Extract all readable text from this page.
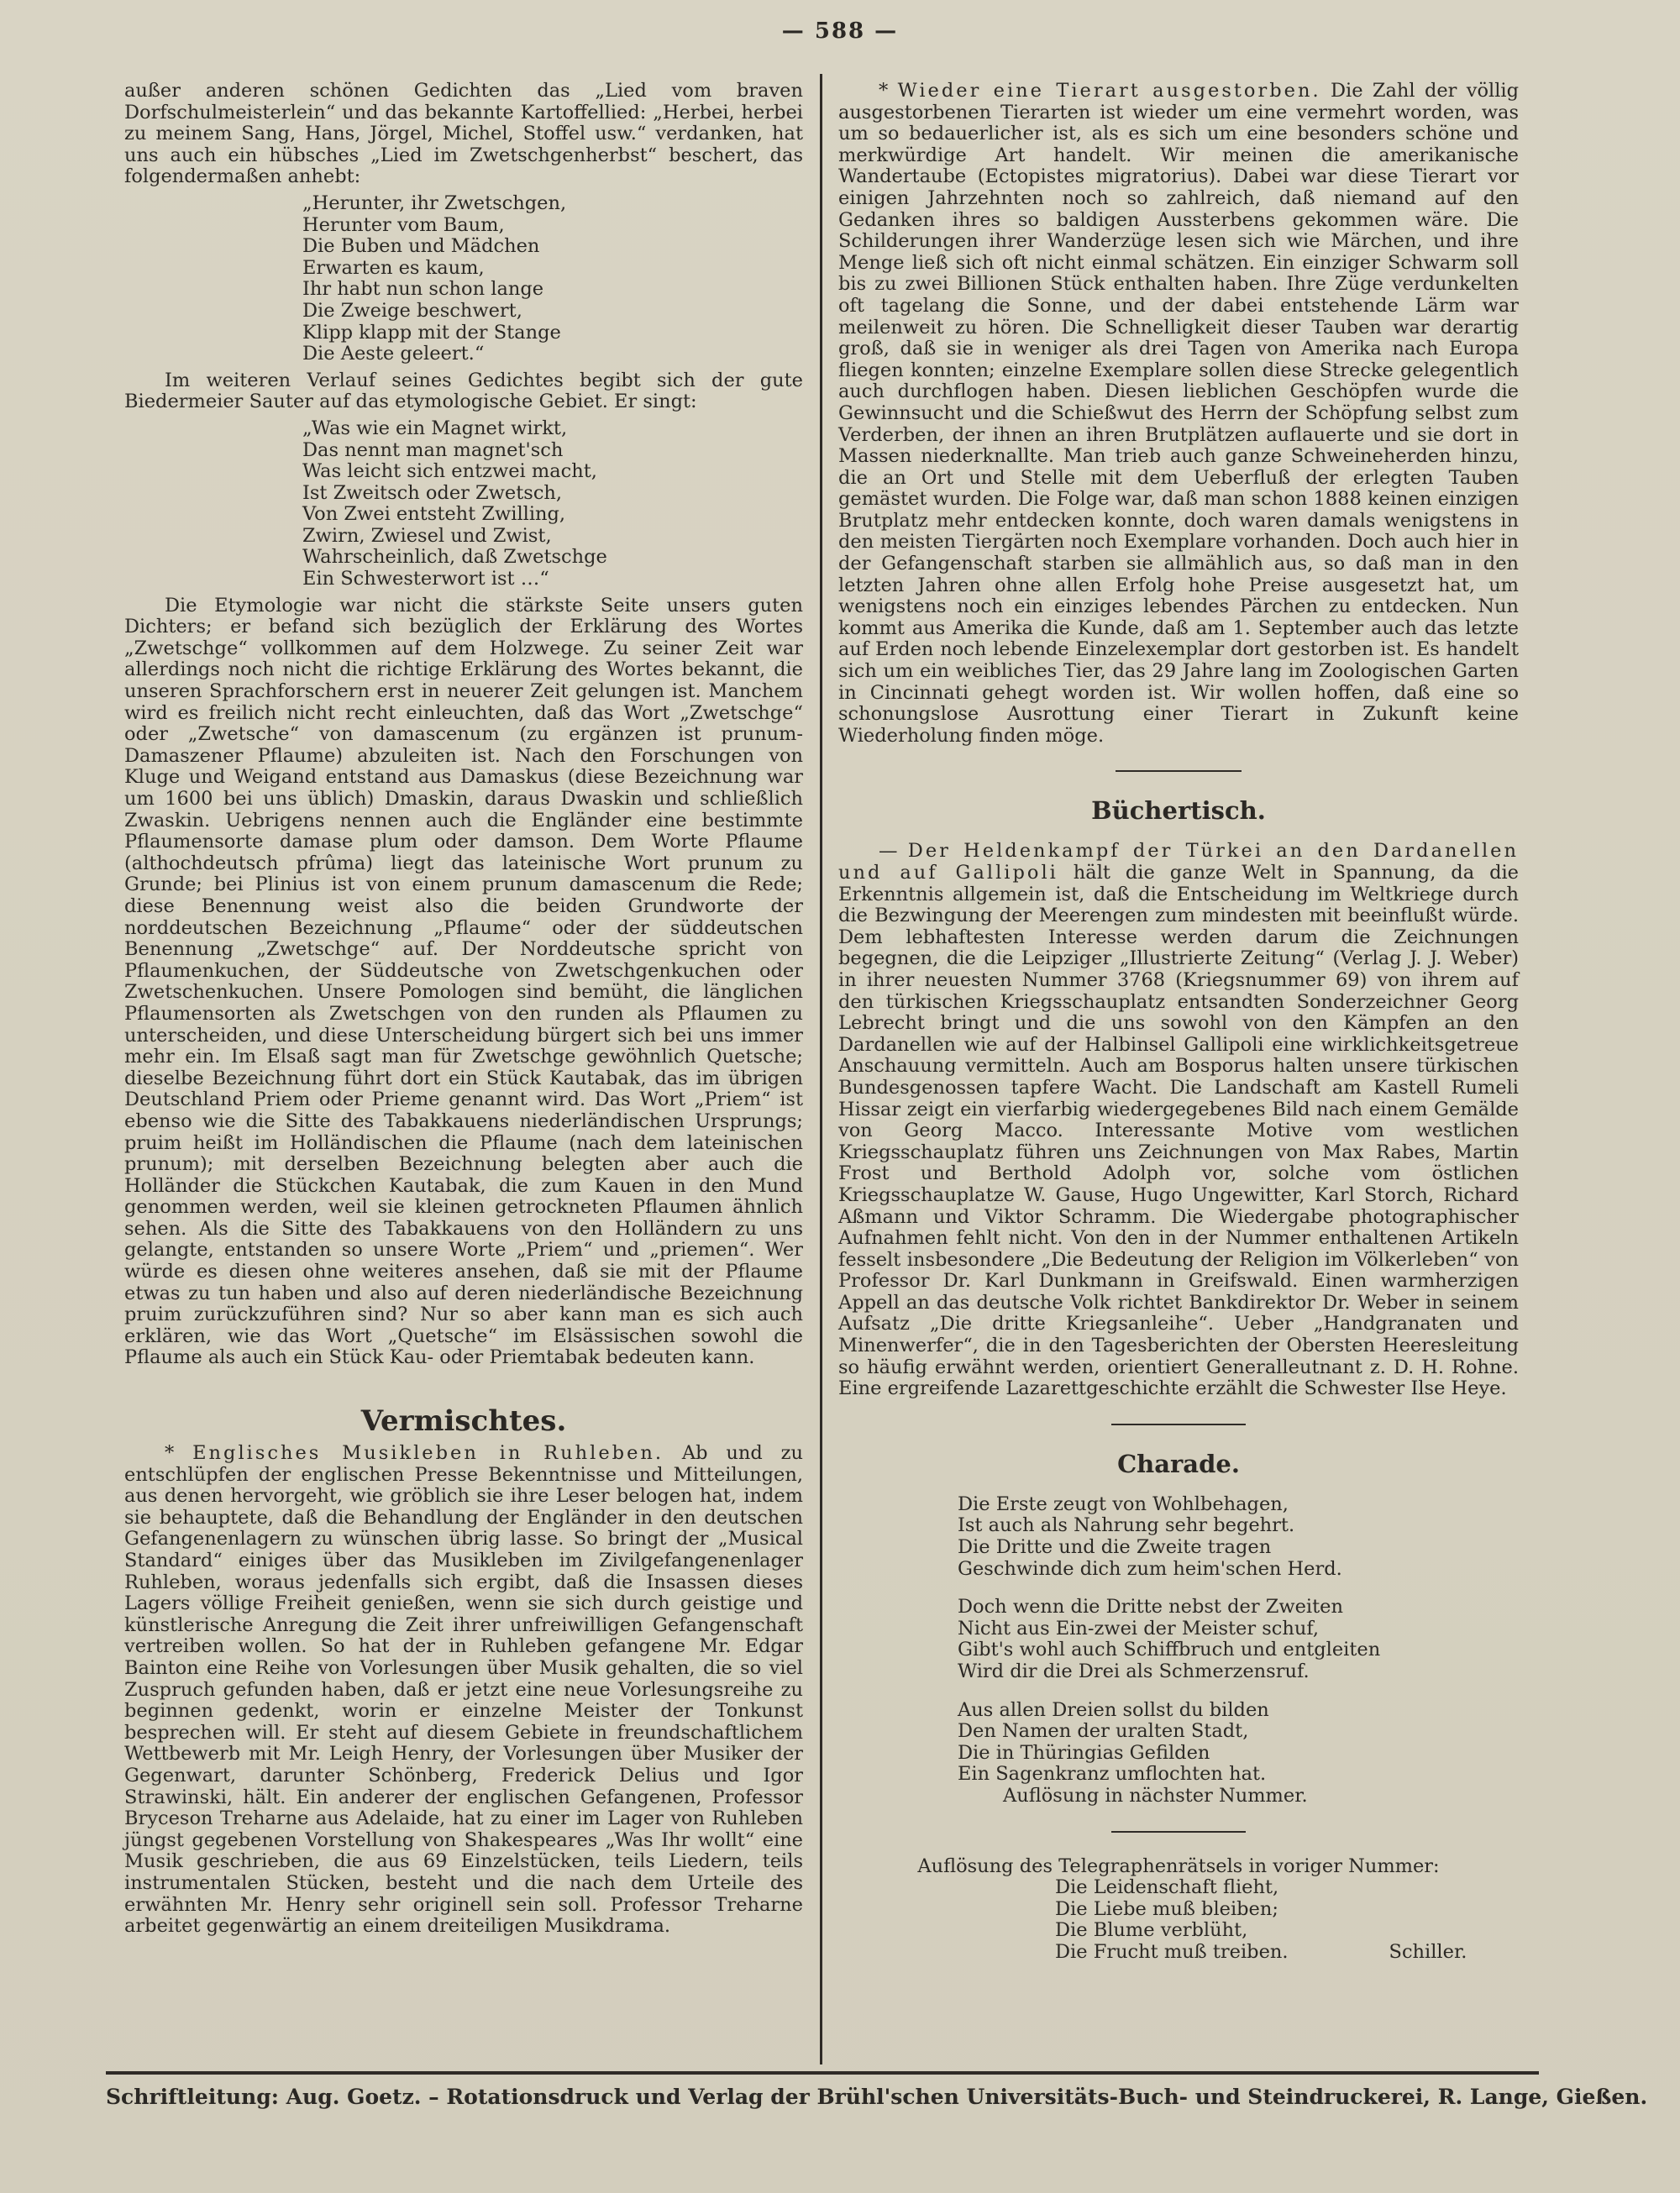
— 588 —

außer anderen schönen Gedichten das „Lied vom braven Dorfschulmeisterlein“ und das bekannte Kartoffellied: „Herbei, herbei zu meinem Sang, Hans, Jörgel, Michel, Stoffel usw.“ verdanken, hat uns auch ein hübsches „Lied im Zwetschgenherbst“ beschert, das folgendermaßen anhebt:

„Herunter, ihr Zwetschgen,
Herunter vom Baum,
Die Buben und Mädchen
Erwarten es kaum,
Ihr habt nun schon lange
Die Zweige beschwert,
Klipp klapp mit der Stange
Die Aeste geleert.“

Im weiteren Verlauf seines Gedichtes begibt sich der gute Biedermeier Sauter auf das etymologische Gebiet. Er singt:

„Was wie ein Magnet wirkt,
Das nennt man magnet'sch
Was leicht sich entzwei macht,
Ist Zweitsch oder Zwetsch,
Von Zwei entsteht Zwilling,
Zwirn, Zwiesel und Zwist,
Wahrscheinlich, daß Zwetschge
Ein Schwesterwort ist …“

Die Etymologie war nicht die stärkste Seite unsers guten Dichters; er befand sich bezüglich der Erklärung des Wortes „Zwetschge“ vollkommen auf dem Holzwege. Zu seiner Zeit war allerdings noch nicht die richtige Erklärung des Wortes bekannt, die unseren Sprachforschern erst in neuerer Zeit gelungen ist. Manchem wird es freilich nicht recht einleuchten, daß das Wort „Zwetschge“ oder „Zwetsche“ von damascenum (zu ergänzen ist prunum-Damaszener Pflaume) abzuleiten ist. Nach den Forschungen von Kluge und Weigand entstand aus Damaskus (diese Bezeichnung war um 1600 bei uns üblich) Dmaskin, daraus Dwaskin und schließlich Zwaskin. Uebrigens nennen auch die Engländer eine bestimmte Pflaumensorte damase plum oder damson. Dem Worte Pflaume (althochdeutsch pfrûma) liegt das lateinische Wort prunum zu Grunde; bei Plinius ist von einem prunum damascenum die Rede; diese Benennung weist also die beiden Grundworte der norddeutschen Bezeichnung „Pflaume“ oder der süddeutschen Benennung „Zwetschge“ auf. Der Norddeutsche spricht von Pflaumenkuchen, der Süddeutsche von Zwetschgenkuchen oder Zwetschenkuchen. Unsere Pomologen sind bemüht, die länglichen Pflaumensorten als Zwetschgen von den runden als Pflaumen zu unterscheiden, und diese Unterscheidung bürgert sich bei uns immer mehr ein. Im Elsaß sagt man für Zwetschge gewöhnlich Quetsche; dieselbe Bezeichnung führt dort ein Stück Kautabak, das im übrigen Deutschland Priem oder Prieme genannt wird. Das Wort „Priem“ ist ebenso wie die Sitte des Tabakkauens niederländischen Ursprungs; pruim heißt im Holländischen die Pflaume (nach dem lateinischen prunum); mit derselben Bezeichnung belegten aber auch die Holländer die Stückchen Kautabak, die zum Kauen in den Mund genommen werden, weil sie kleinen getrockneten Pflaumen ähnlich sehen. Als die Sitte des Tabakkauens von den Holländern zu uns gelangte, entstanden so unsere Worte „Priem“ und „priemen“. Wer würde es diesen ohne weiteres ansehen, daß sie mit der Pflaume etwas zu tun haben und also auf deren niederländische Bezeichnung pruim zurückzuführen sind? Nur so aber kann man es sich auch erklären, wie das Wort „Quetsche“ im Elsässischen sowohl die Pflaume als auch ein Stück Kau- oder Priemtabak bedeuten kann.

Vermischtes.

* Englisches Musikleben in Ruhleben. Ab und zu entschlüpfen der englischen Presse Bekenntnisse und Mitteilungen, aus denen hervorgeht, wie gröblich sie ihre Leser belogen hat, indem sie behauptete, daß die Behandlung der Engländer in den deutschen Gefangenenlagern zu wünschen übrig lasse. So bringt der „Musical Standard“ einiges über das Musikleben im Zivilgefangenenlager Ruhleben, woraus jedenfalls sich ergibt, daß die Insassen dieses Lagers völlige Freiheit genießen, wenn sie sich durch geistige und künstlerische Anregung die Zeit ihrer unfreiwilligen Gefangenschaft vertreiben wollen. So hat der in Ruhleben gefangene Mr. Edgar Bainton eine Reihe von Vorlesungen über Musik gehalten, die so viel Zuspruch gefunden haben, daß er jetzt eine neue Vorlesungsreihe zu beginnen gedenkt, worin er einzelne Meister der Tonkunst besprechen will. Er steht auf diesem Gebiete in freundschaftlichem Wettbewerb mit Mr. Leigh Henry, der Vorlesungen über Musiker der Gegenwart, darunter Schönberg, Frederick Delius und Igor Strawinski, hält. Ein anderer der englischen Gefangenen, Professor Bryceson Treharne aus Adelaide, hat zu einer im Lager von Ruhleben jüngst gegebenen Vorstellung von Shakespeares „Was Ihr wollt“ eine Musik geschrieben, die aus 69 Einzelstücken, teils Liedern, teils instrumentalen Stücken, besteht und die nach dem Urteile des erwähnten Mr. Henry sehr originell sein soll. Professor Treharne arbeitet gegenwärtig an einem dreiteiligen Musikdrama.

* Wieder eine Tierart ausgestorben. Die Zahl der völlig ausgestorbenen Tierarten ist wieder um eine vermehrt worden, was um so bedauerlicher ist, als es sich um eine besonders schöne und merkwürdige Art handelt. Wir meinen die amerikanische Wandertaube (Ectopistes migratorius). Dabei war diese Tierart vor einigen Jahrzehnten noch so zahlreich, daß niemand auf den Gedanken ihres so baldigen Aussterbens gekommen wäre. Die Schilderungen ihrer Wanderzüge lesen sich wie Märchen, und ihre Menge ließ sich oft nicht einmal schätzen. Ein einziger Schwarm soll bis zu zwei Billionen Stück enthalten haben. Ihre Züge verdunkelten oft tagelang die Sonne, und der dabei entstehende Lärm war meilenweit zu hören. Die Schnelligkeit dieser Tauben war derartig groß, daß sie in weniger als drei Tagen von Amerika nach Europa fliegen konnten; einzelne Exemplare sollen diese Strecke gelegentlich auch durchflogen haben. Diesen lieblichen Geschöpfen wurde die Gewinnsucht und die Schießwut des Herrn der Schöpfung selbst zum Verderben, der ihnen an ihren Brutplätzen auflauerte und sie dort in Massen niederknallte. Man trieb auch ganze Schweineherden hinzu, die an Ort und Stelle mit dem Ueberfluß der erlegten Tauben gemästet wurden. Die Folge war, daß man schon 1888 keinen einzigen Brutplatz mehr entdecken konnte, doch waren damals wenigstens in den meisten Tiergärten noch Exemplare vorhanden. Doch auch hier in der Gefangenschaft starben sie allmählich aus, so daß man in den letzten Jahren ohne allen Erfolg hohe Preise ausgesetzt hat, um wenigstens noch ein einziges lebendes Pärchen zu entdecken. Nun kommt aus Amerika die Kunde, daß am 1. September auch das letzte auf Erden noch lebende Einzelexemplar dort gestorben ist. Es handelt sich um ein weibliches Tier, das 29 Jahre lang im Zoologischen Garten in Cincinnati gehegt worden ist. Wir wollen hoffen, daß eine so schonungslose Ausrottung einer Tierart in Zukunft keine Wiederholung finden möge.

Büchertisch.

— Der Heldenkampf der Türkei an den Dardanellen und auf Gallipoli hält die ganze Welt in Spannung, da die Erkenntnis allgemein ist, daß die Entscheidung im Weltkriege durch die Bezwingung der Meerengen zum mindesten mit beeinflußt würde. Dem lebhaftesten Interesse werden darum die Zeichnungen begegnen, die die Leipziger „Illustrierte Zeitung“ (Verlag J. J. Weber) in ihrer neuesten Nummer 3768 (Kriegsnummer 69) von ihrem auf den türkischen Kriegsschauplatz entsandten Sonderzeichner Georg Lebrecht bringt und die uns sowohl von den Kämpfen an den Dardanellen wie auf der Halbinsel Gallipoli eine wirklichkeitsgetreue Anschauung vermitteln. Auch am Bosporus halten unsere türkischen Bundesgenossen tapfere Wacht. Die Landschaft am Kastell Rumeli Hissar zeigt ein vierfarbig wiedergegebenes Bild nach einem Gemälde von Georg Macco. Interessante Motive vom westlichen Kriegsschauplatz führen uns Zeichnungen von Max Rabes, Martin Frost und Berthold Adolph vor, solche vom östlichen Kriegsschauplatze W. Gause, Hugo Ungewitter, Karl Storch, Richard Aßmann und Viktor Schramm. Die Wiedergabe photographischer Aufnahmen fehlt nicht. Von den in der Nummer enthaltenen Artikeln fesselt insbesondere „Die Bedeutung der Religion im Völkerleben“ von Professor Dr. Karl Dunkmann in Greifswald. Einen warmherzigen Appell an das deutsche Volk richtet Bankdirektor Dr. Weber in seinem Aufsatz „Die dritte Kriegsanleihe“. Ueber „Handgranaten und Minenwerfer“, die in den Tagesberichten der Obersten Heeresleitung so häufig erwähnt werden, orientiert Generalleutnant z. D. H. Rohne. Eine ergreifende Lazarettgeschichte erzählt die Schwester Ilse Heye.

Charade.
Die Erste zeugt von Wohlbehagen,
Ist auch als Nahrung sehr begehrt.
Die Dritte und die Zweite tragen
Geschwinde dich zum heim'schen Herd.
Doch wenn die Dritte nebst der Zweiten
Nicht aus Ein-zwei der Meister schuf,
Gibt's wohl auch Schiffbruch und entgleiten
Wird dir die Drei als Schmerzensruf.
Aus allen Dreien sollst du bilden
Den Namen der uralten Stadt,
Die in Thüringias Gefilden
Ein Sagenkranz umflochten hat.
Auflösung in nächster Nummer.
Auflösung des Telegraphenrätsels in voriger Nummer:
Die Leidenschaft flieht,
Die Liebe muß bleiben;
Die Blume verblüht,
Die Frucht muß treiben.	Schiller.
Schriftleitung: Aug. Goetz. – Rotationsdruck und Verlag der Brühl'schen Universitäts-Buch- und Steindruckerei, R. Lange, Gießen.
